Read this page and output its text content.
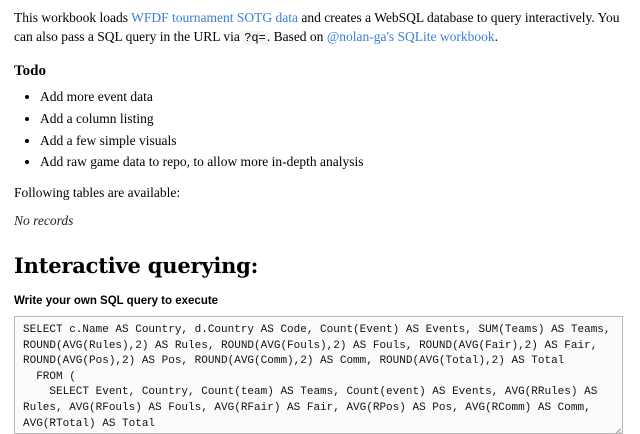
This workbook loads WFDF tournament SOTG data and creates a WebSQL database to query interactively. You can also pass a SQL query in the URL via ?q=. Based on @nolan-ga's SQLite workbook.

Todo
• Add more event data
• Add a column listing
• Add a few simple visuals
• Add raw game data to repo, to allow more in-depth analysis

Following tables are available:

No records

Interactive querying:

Write your own SQL query to execute

SELECT c.Name AS Country, d.Country AS Code, Count(Event) AS Events, SUM(Teams) AS Teams, ROUND(AVG(Rules),2) AS Rules, ROUND(AVG(Fouls),2) AS Fouls, ROUND(AVG(Fair),2) AS Fair, ROUND(AVG(Pos),2) AS Pos, ROUND(AVG(Comm),2) AS Comm, ROUND(AVG(Total),2) AS Total FROM ( SELECT Event, Country, Count(team) AS Teams, Count(event) AS Events, AVG(RRules) AS Rules, AVG(RFouls) AS Fouls, AVG(RFair) AS Fair, AVG(RPos) AS Pos, AVG(RComm) AS Comm, AVG(RTotal) AS Total FROM EventResults GROUP BY Event, Country) d JOIN EnumCountries c ON d.Country = c.Code
